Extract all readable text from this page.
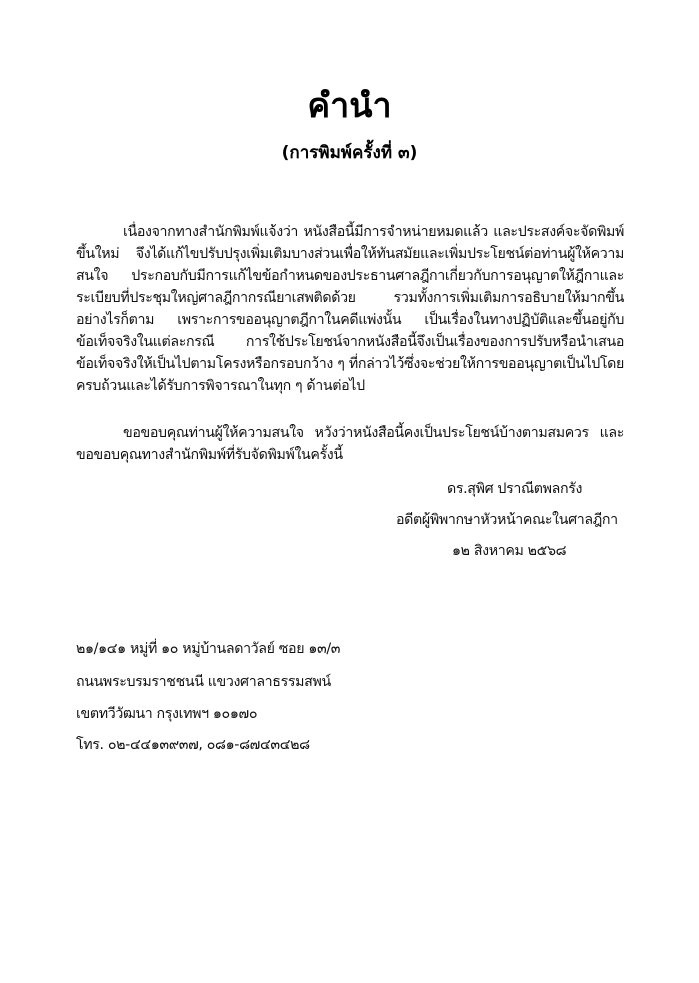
คำนำ
(การพิมพ์ครั้งที่ ๓)
เนื่องจากทางสำนักพิมพ์แจ้งว่า หนังสือนี้มีการจำหน่ายหมดแล้ว และประสงค์จะจัดพิมพ์
ขึ้นใหม่ จึงได้แก้ไขปรับปรุงเพิ่มเติมบางส่วนเพื่อให้ทันสมัยและเพิ่มประโยชน์ต่อท่านผู้ให้ความ
สนใจ ประกอบกับมีการแก้ไขข้อกำหนดของประธานศาลฎีกาเกี่ยวกับการอนุญาตให้ฎีกาและ
ระเบียบที่ประชุมใหญ่ศาลฎีกากรณียาเสพติดด้วย รวมทั้งการเพิ่มเติมการอธิบายให้มากขึ้น
อย่างไรก็ตาม เพราะการขออนุญาตฎีกาในคดีแพ่งนั้น เป็นเรื่องในทางปฏิบัติและขึ้นอยู่กับ
ข้อเท็จจริงในแต่ละกรณี การใช้ประโยชน์จากหนังสือนี้จึงเป็นเรื่องของการปรับหรือนำเสนอ
ข้อเท็จจริงให้เป็นไปตามโครงหรือกรอบกว้าง ๆ ที่กล่าวไว้ซึ่งจะช่วยให้การขออนุญาตเป็นไปโดย
ครบถ้วนและได้รับการพิจารณาในทุก ๆ ด้านต่อไป
ขอขอบคุณท่านผู้ให้ความสนใจ หวังว่าหนังสือนี้คงเป็นประโยชน์บ้างตามสมควร และ
ขอขอบคุณทางสำนักพิมพ์ที่รับจัดพิมพ์ในครั้งนี้
ดร.สุพิศ ปราณีตพลกรัง
อดีตผู้พิพากษาหัวหน้าคณะในศาลฎีกา
๑๒ สิงหาคม ๒๕๖๘
๒๑/๑๔๑ หมู่ที่ ๑๐ หมู่บ้านลดาวัลย์ ซอย ๑๓/๓
ถนนพระบรมราชชนนี แขวงศาลาธรรมสพน์
เขตทวีวัฒนา กรุงเทพฯ ๑๐๑๗๐
โทร. ๐๒-๔๔๑๓๙๓๗, ๐๘๑-๘๗๔๓๔๒๘
